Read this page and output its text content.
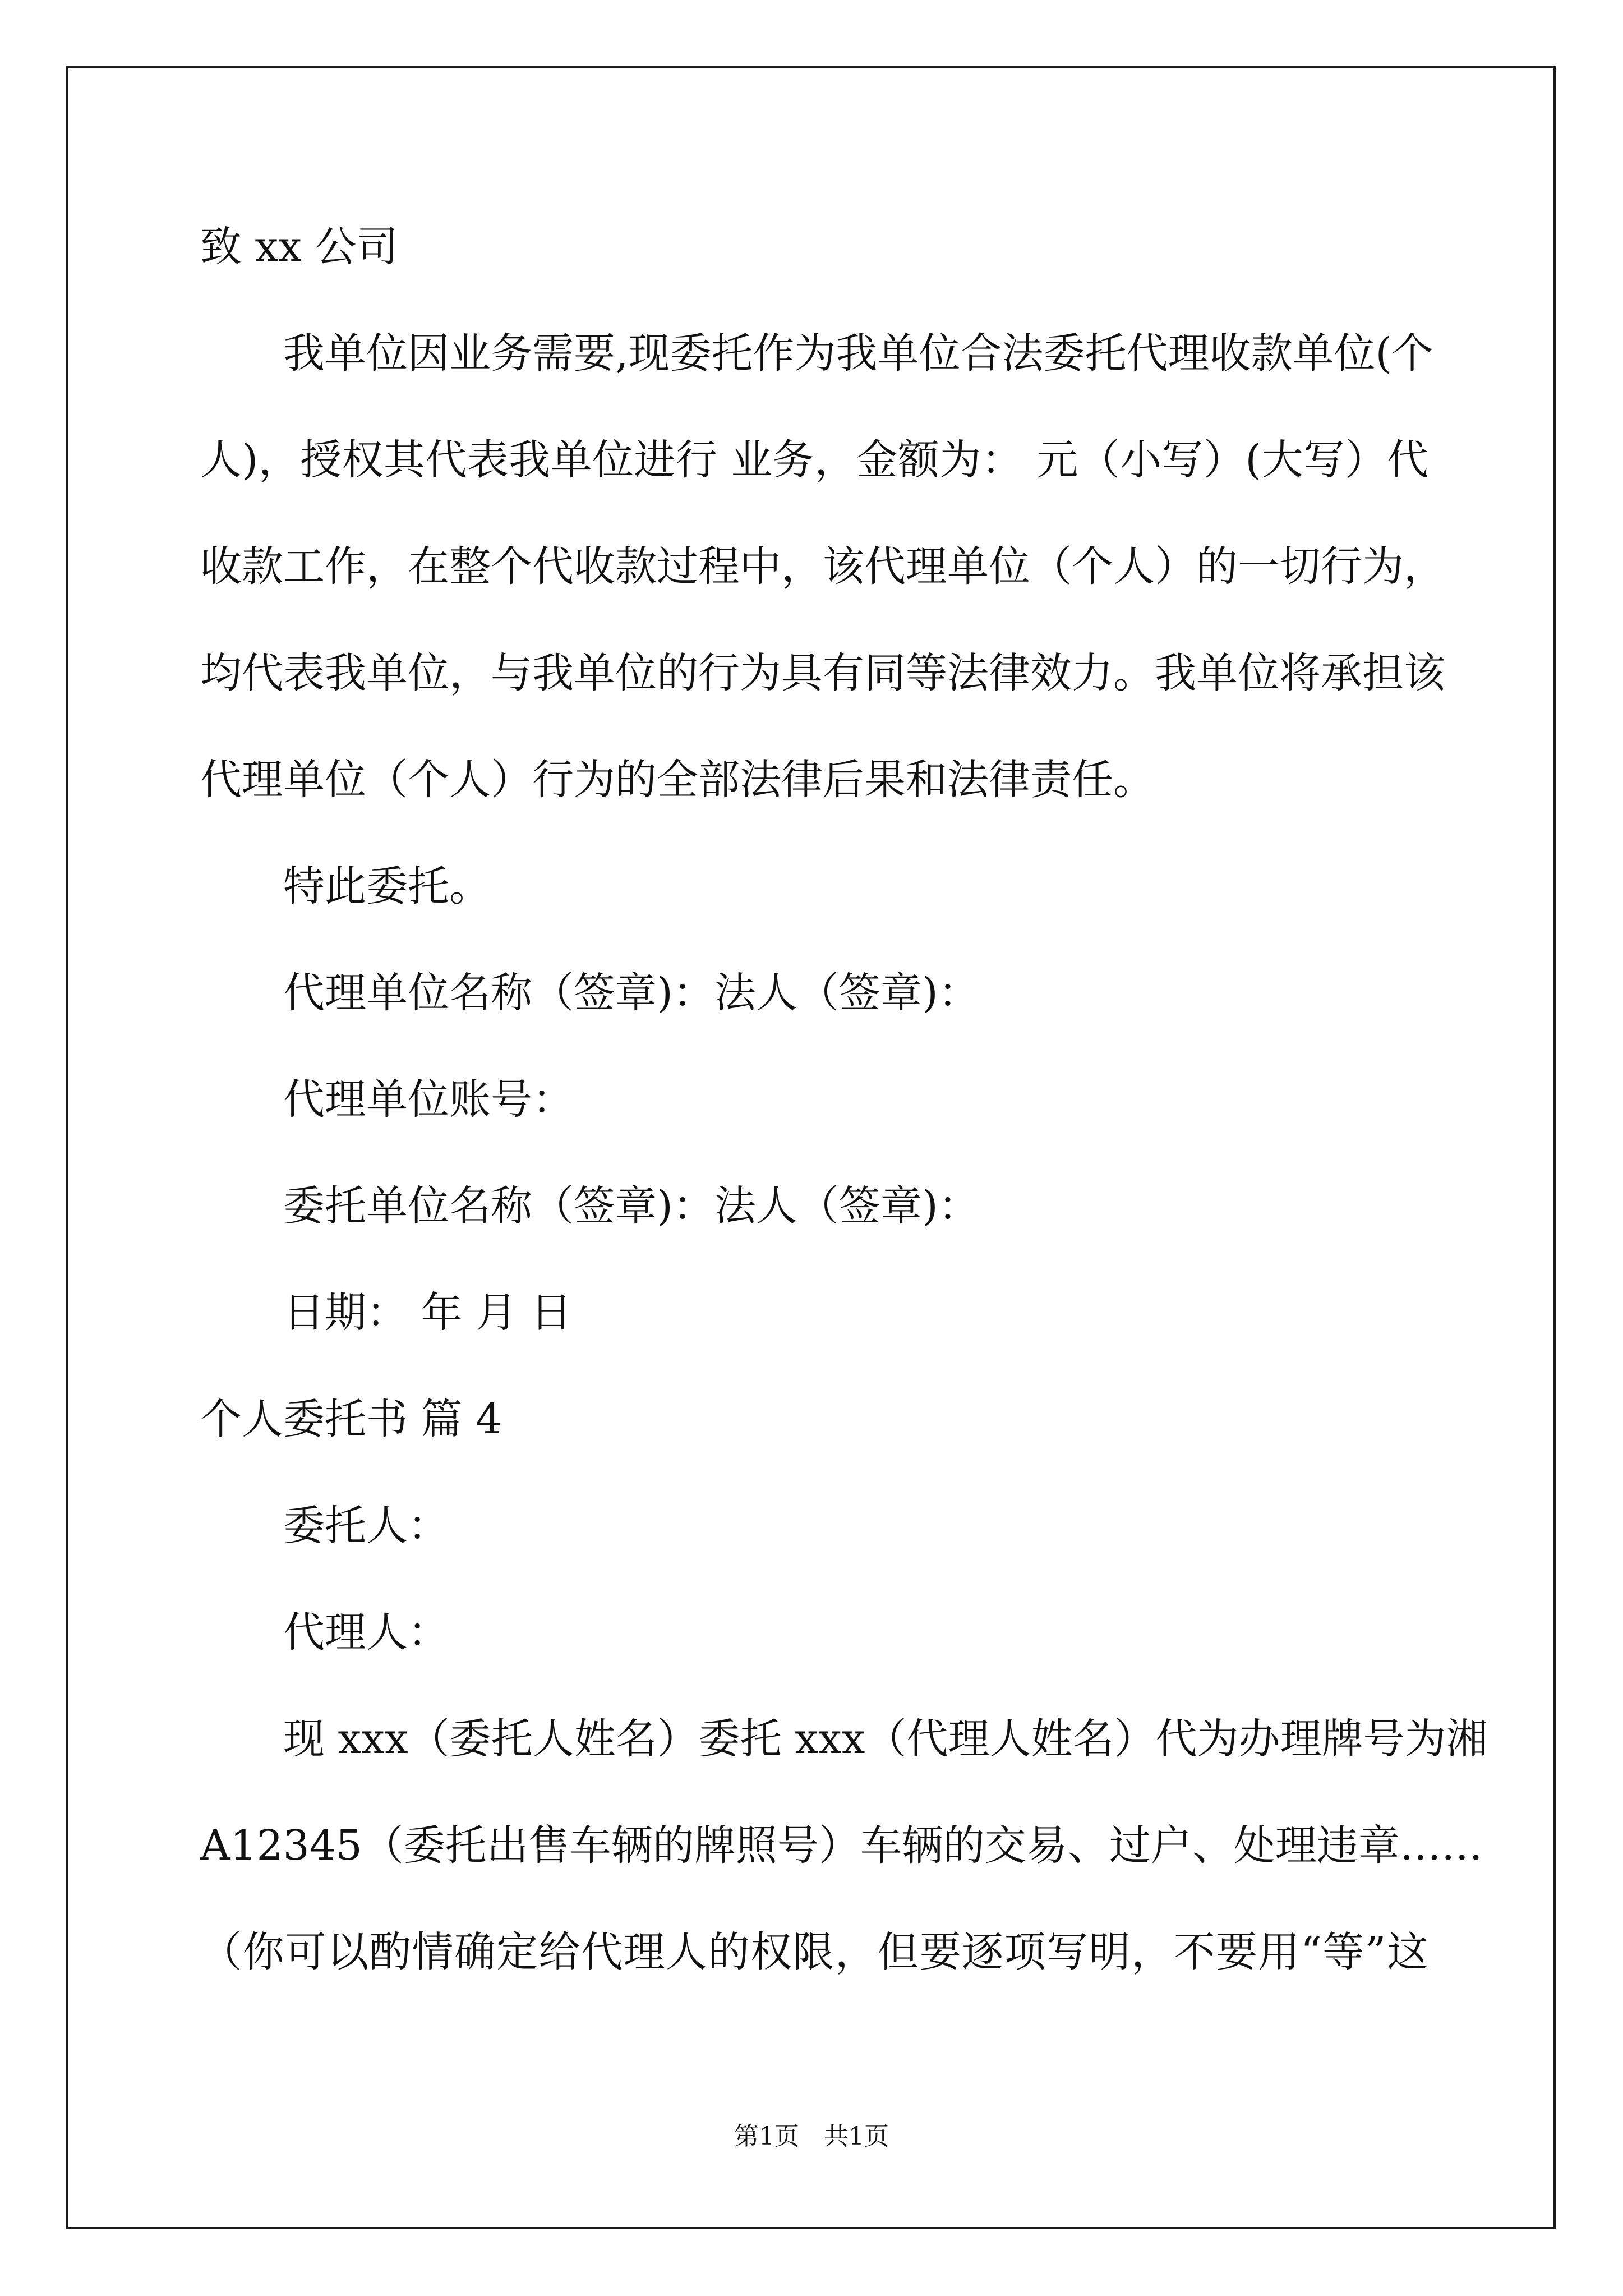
致 xx 公司
我单位因业务需要,现委托作为我单位合法委托代理收款单位(个
人)，授权其代表我单位进行 业务，金额为： 元（小写）(大写）代
收款工作，在整个代收款过程中，该代理单位（个人）的一切行为，
均代表我单位，与我单位的行为具有同等法律效力。我单位将承担该
代理单位（个人）行为的全部法律后果和法律责任。
特此委托。
代理单位名称（签章)：法人（签章)：
代理单位账号：
委托单位名称（签章)：法人（签章)：
日期： 年 月 日
个人委托书 篇 4
委托人：
代理人：
现 xxx（委托人姓名）委托 xxx（代理人姓名）代为办理牌号为湘
A12345（委托出售车辆的牌照号）车辆的交易、过户、处理违章……
（你可以酌情确定给代理人的权限，但要逐项写明，不要用“等”这
第1页　共1页
